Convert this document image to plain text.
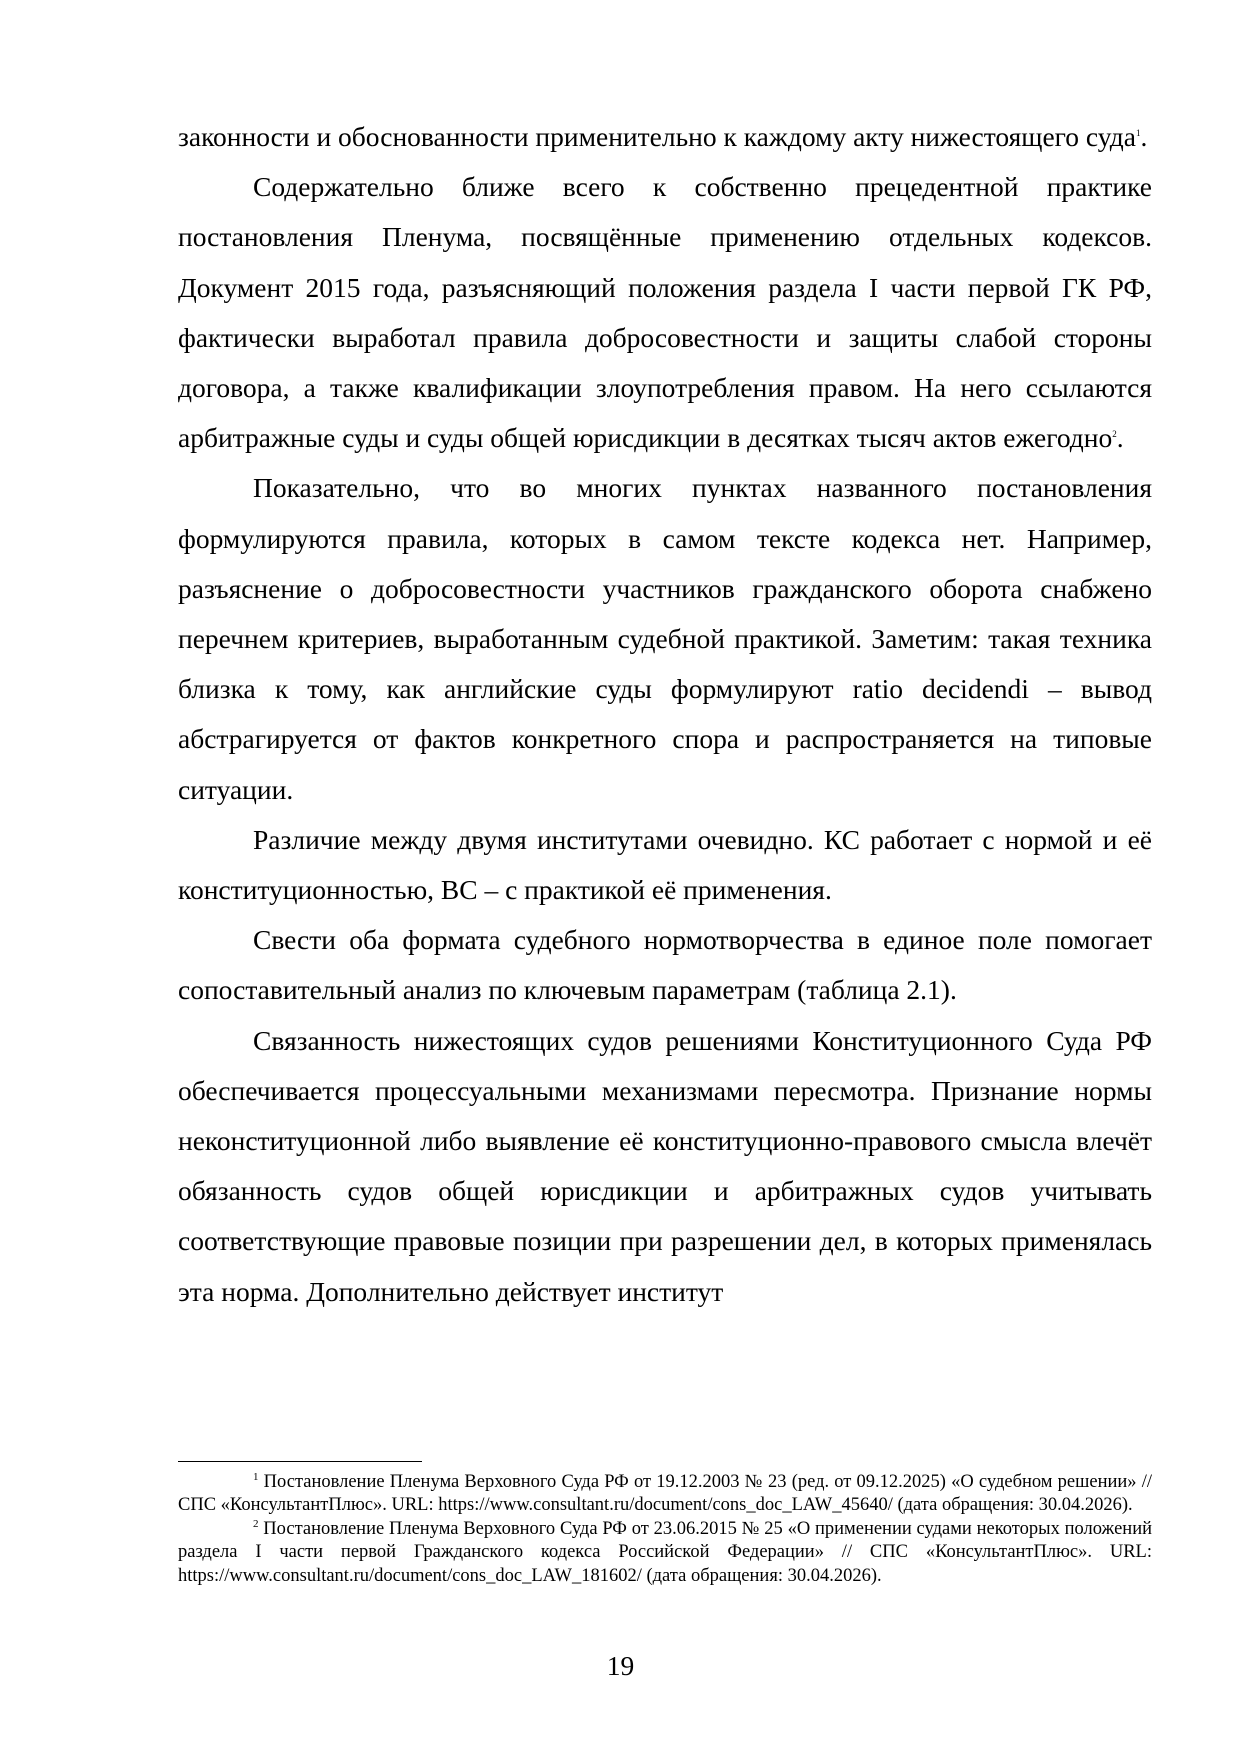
законности и обоснованности применительно к каждому акту нижестоящего суда$^1$.

Содержательно ближе всего к собственно прецедентной практике постановления Пленума, посвящённые применению отдельных кодексов. Документ 2015 года, разъясняющий положения раздела I части первой ГК РФ, фактически выработал правила добросовестности и защиты слабой стороны договора, а также квалификации злоупотребления правом. На него ссылаются арбитражные суды и суды общей юрисдикции в десятках тысяч актов ежегодно$^2$.

Показательно, что во многих пунктах названного постановления формулируются правила, которых в самом тексте кодекса нет. Например, разъяснение о добросовестности участников гражданского оборота снабжено перечнем критериев, выработанным судебной практикой. Заметим: такая техника близка к тому, как английские суды формулируют ratio decidendi – вывод абстрагируется от фактов конкретного спора и распространяется на типовые ситуации.

Различие между двумя институтами очевидно. КС работает с нормой и её конституционностью, ВС – с практикой её применения.

Свести оба формата судебного нормотворчества в единое поле помогает сопоставительный анализ по ключевым параметрам (таблица 2.1).

Связанность нижестоящих судов решениями Конституционного Суда РФ обеспечивается процессуальными механизмами пересмотра. Признание нормы неконституционной либо выявление её конституционно-правового смысла влечёт обязанность судов общей юрисдикции и арбитражных судов учитывать соответствующие правовые позиции при разрешении дел, в которых применялась эта норма. Дополнительно действует институт

$^1$ Постановление Пленума Верховного Суда РФ от 19.12.2003 № 23 (ред. от 09.12.2025) «О судебном решении» // СПС «КонсультантПлюс». URL: https://www.consultant.ru/document/cons_doc_LAW_45640/ (дата обращения: 30.04.2026).

$^2$ Постановление Пленума Верховного Суда РФ от 23.06.2015 № 25 «О применении судами некоторых положений раздела I части первой Гражданского кодекса Российской Федерации» // СПС «КонсультантПлюс». URL: https://www.consultant.ru/document/cons_doc_LAW_181602/ (дата обращения: 30.04.2026).

19
